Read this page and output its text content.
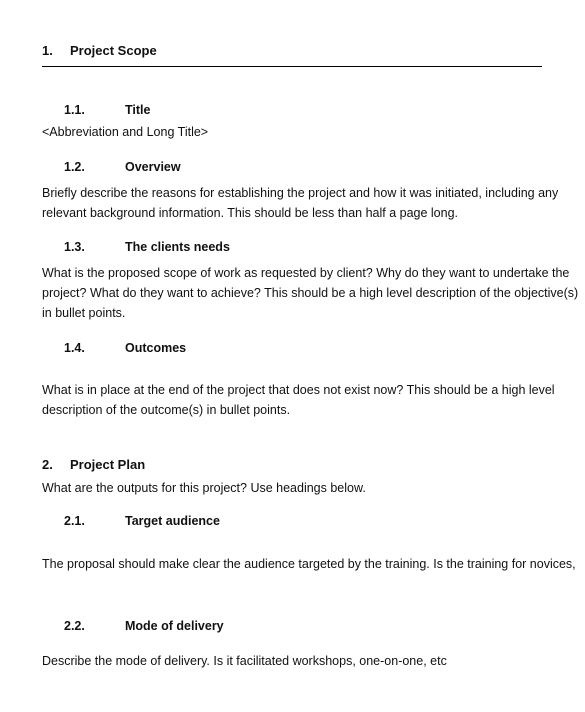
1. Project Scope
1.1.	Title
<Abbreviation and Long Title>
1.2.	Overview
Briefly describe the reasons for establishing the project and how it was initiated, including any
relevant background information. This should be less than half a page long.
1.3.	The clients needs
What is the proposed scope of work as requested by client? Why do they want to undertake the
project? What do they want to achieve? This should be a high level description of the objective(s)
in bullet points.
1.4.	Outcomes
What is in place at the end of the project that does not exist now? This should be a high level
description of the outcome(s) in bullet points.
2. Project Plan
What are the outputs for this project? Use headings below.
2.1.	Target audience
The proposal should make clear the audience targeted by the training. Is the training for novices,
2.2.	Mode of delivery
Describe the mode of delivery. Is it facilitated workshops, one-on-one, etc
